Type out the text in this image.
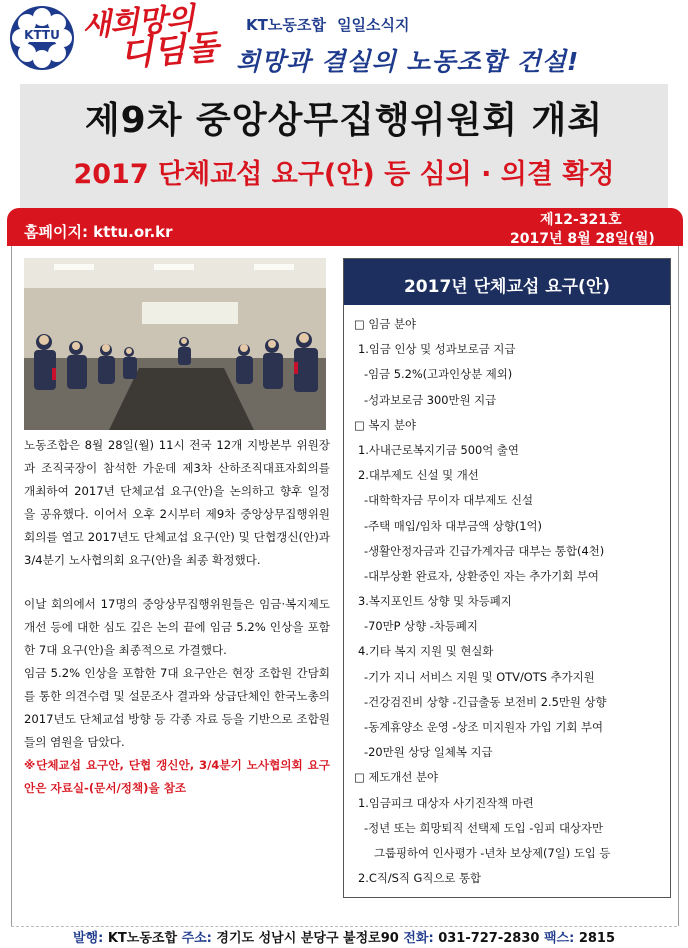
KTTU 새희망의
디딤돌
KT노동조합 일일소식지
희망과 결실의 노동조합 건설!
제9차 중앙상무집행위원회 개최
2017 단체교섭 요구(안) 등 심의 · 의결 확정
홈페이지: kttu.or.kr
제12-321호
2017년 8월 28일(월)

노동조합은 8월 28일(월) 11시 전국 12개 지방본부 위원장과 조직국장이 참석한 가운데 제3차 산하조직대표자회의를 개최하여 2017년 단체교섭 요구(안)을 논의하고 향후 일정을 공유했다. 이어서 오후 2시부터 제9차 중앙상무집행위원회의를 열고 2017년도 단체교섭 요구(안) 및 단협갱신(안)과 3/4분기 노사협의회 요구(안)을 최종 확정했다.

이날 회의에서 17명의 중앙상무집행위원들은 임금·복지제도 개선 등에 대한 심도 깊은 논의 끝에 임금 5.2% 인상을 포함한 7대 요구(안)을 최종적으로 가결했다.

임금 5.2% 인상을 포함한 7대 요구안은 현장 조합원 간담회를 통한 의견수렴 및 설문조사 결과와 상급단체인 한국노총의 2017년도 단체교섭 방향 등 각종 자료 등을 기반으로 조합원들의 염원을 담았다.

※단체교섭 요구안, 단협 갱신안, 3/4분기 노사협의회 요구안은 자료실-(문서/정책)을 참조

2017년 단체교섭 요구(안)
□ 임금 분야
1.임금 인상 및 성과보로금 지급
-임금 5.2%(고과인상분 제외)
-성과보로금 300만원 지급
□ 복지 분야
1.사내근로복지기금 500억 출연
2.대부제도 신설 및 개선
-대학학자금 무이자 대부제도 신설
-주택 매입/임차 대부금액 상향(1억)
-생활안정자금과 긴급가계자금 대부는 통합(4천)
-대부상환 완료자, 상환중인 자는 추가기회 부여
3.복지포인트 상향 및 차등폐지
-70만P 상향 -차등폐지
4.기타 복지 지원 및 현실화
-기가 지니 서비스 지원 및 OTV/OTS 추가지원
-건강검진비 상향 -긴급출동 보전비 2.5만원 상향
-동계휴양소 운영 -상조 미지원자 가입 기회 부여
-20만원 상당 일체복 지급
□ 제도개선 분야
1.임금피크 대상자 사기진작책 마련
-정년 또는 희망퇴직 선택제 도입 -임피 대상자만
그룹핑하여 인사평가 -년차 보상제(7일) 도입 등
2.C직/S직 G직으로 통합
발행: KT노동조합 주소: 경기도 성남시 분당구 불정로90 전화: 031-727-2830 팩스: 2815
